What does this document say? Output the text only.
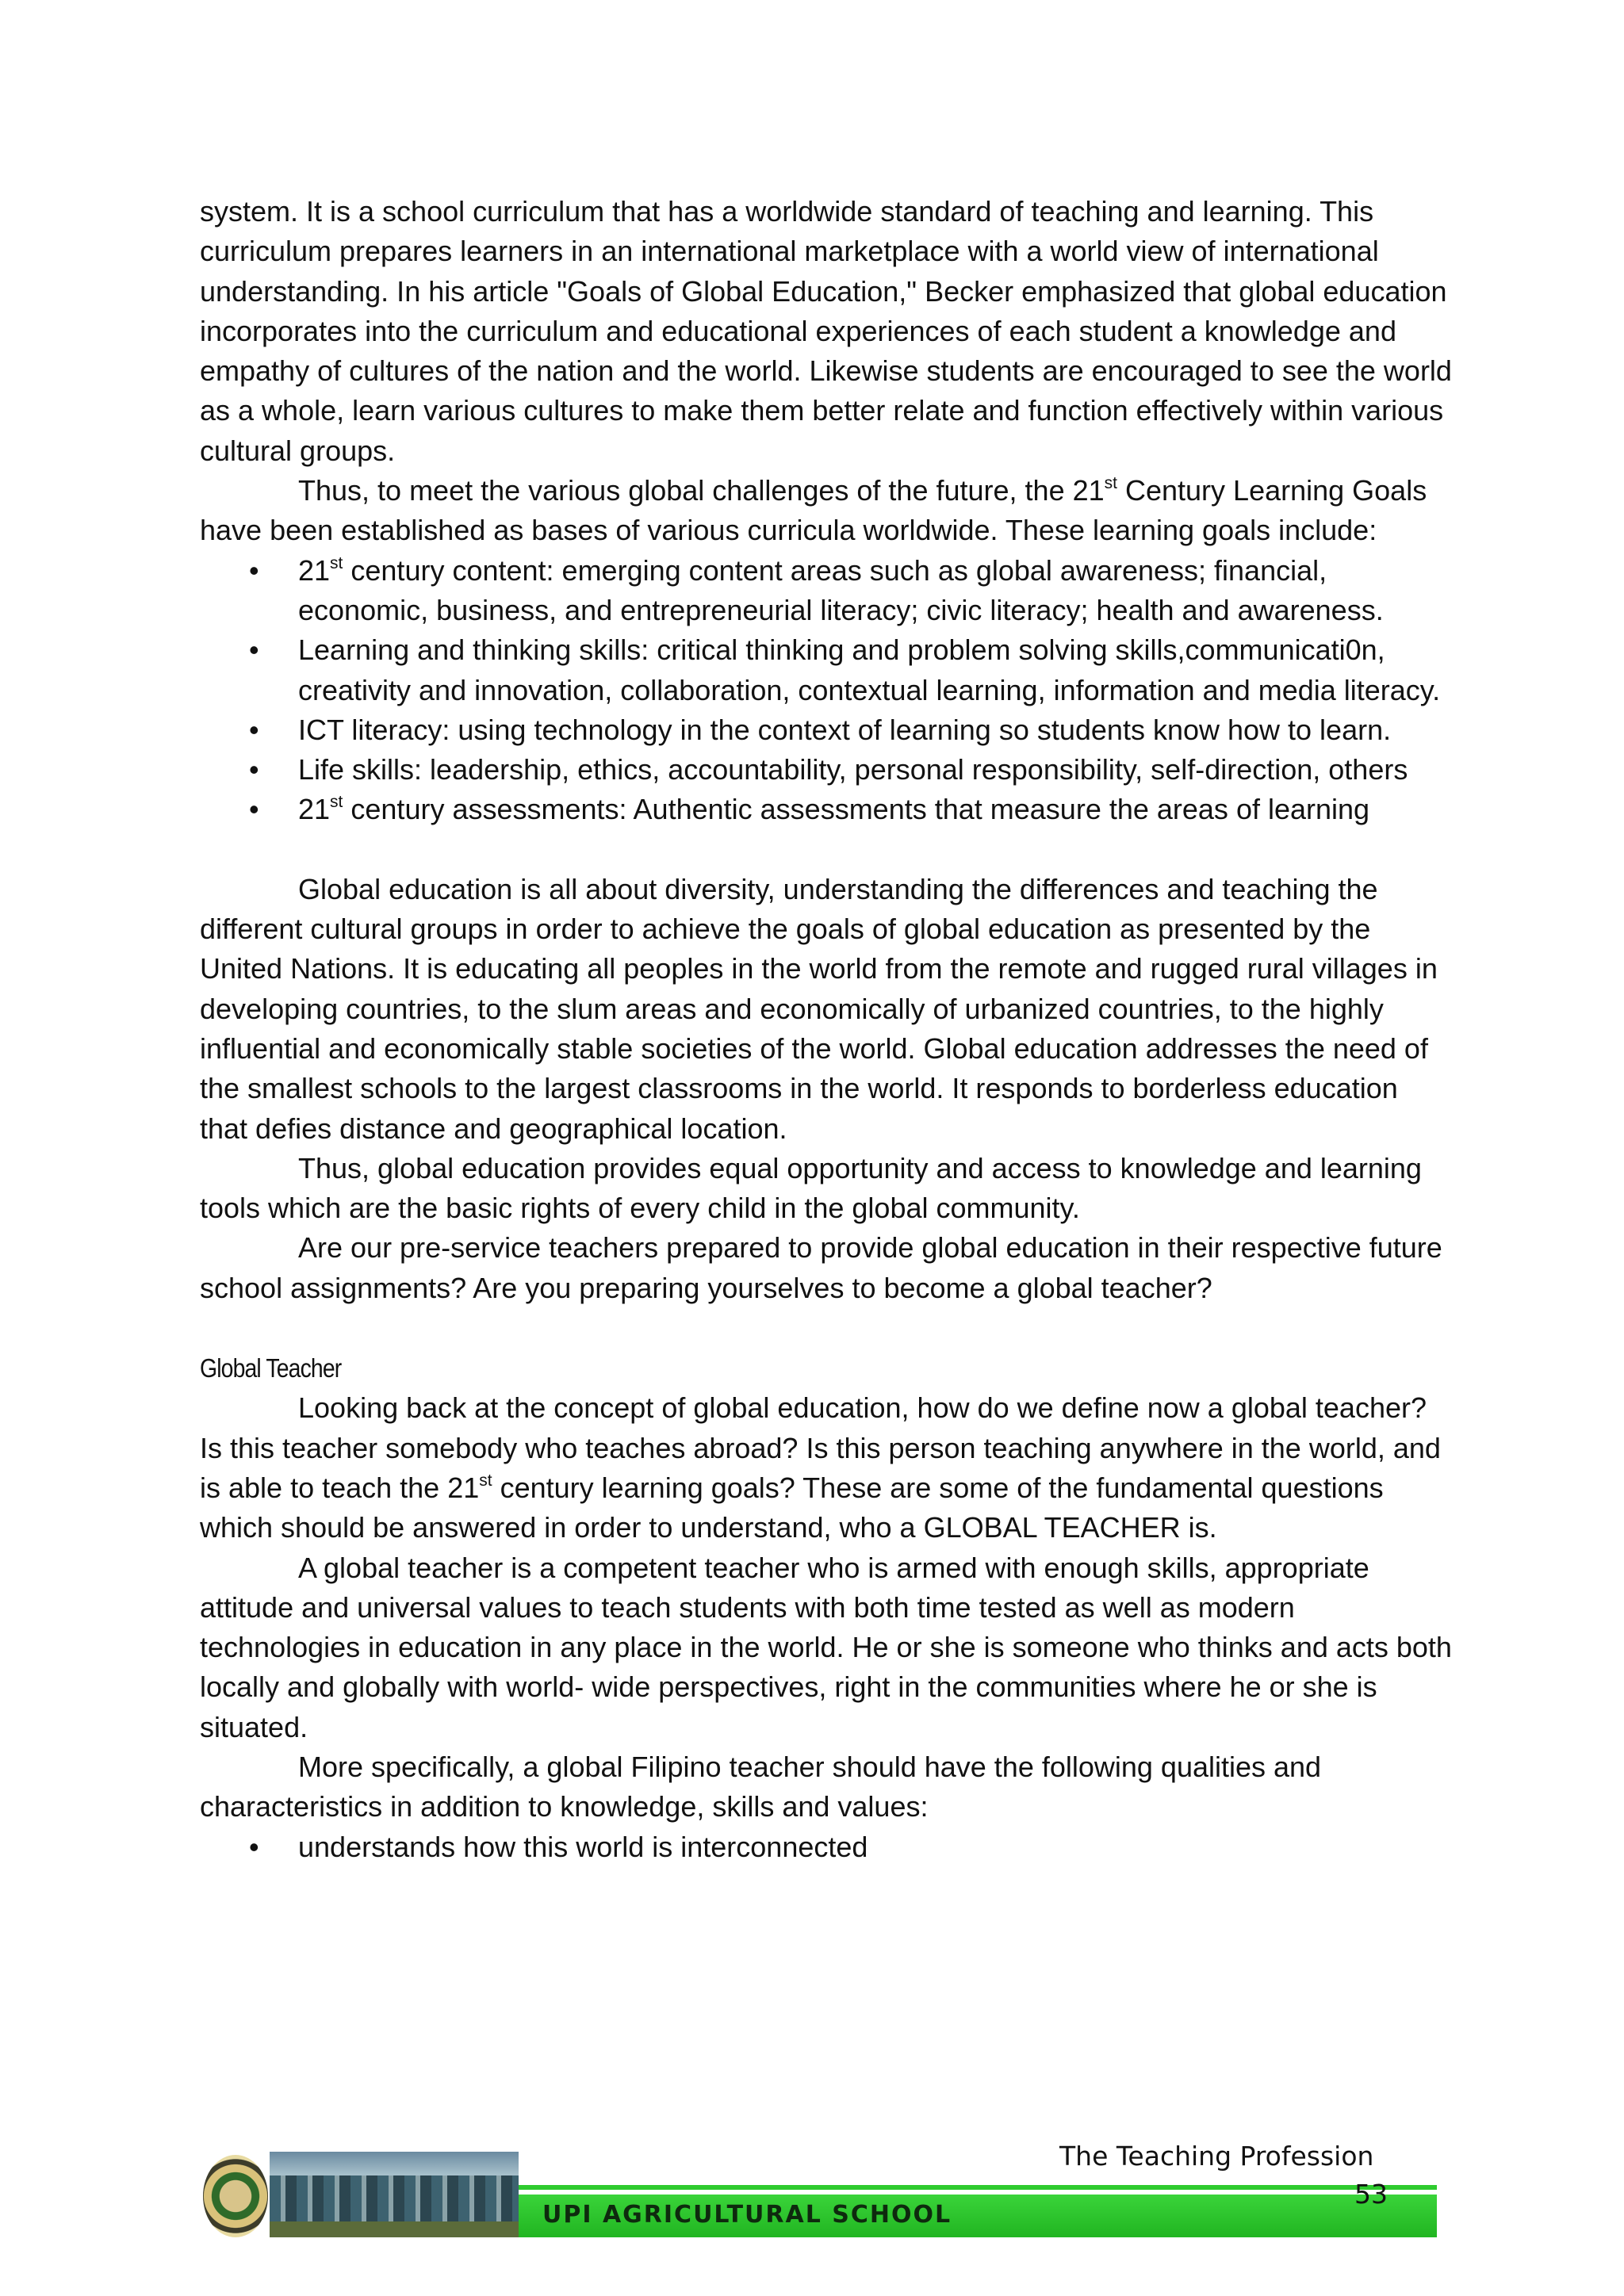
system. It is a school curriculum that has a worldwide standard of teaching and learning. This curriculum prepares learners in an international marketplace with a world view of international understanding. In his article "Goals of Global Education," Becker emphasized that global education incorporates into the curriculum and educational experiences of each student a knowledge and empathy of cultures of the nation and the world. Likewise students are encouraged to see the world as a whole, learn various cultures to make them better relate and function effectively within various cultural groups.

Thus, to meet the various global challenges of the future, the 21st Century Learning Goals have been established as bases of various curricula worldwide. These learning goals include:

•	21st century content: emerging content areas such as global awareness; financial, economic, business, and entrepreneurial literacy; civic literacy; health and awareness.
•	Learning and thinking skills: critical thinking and problem solving skills,communicati0n, creativity and innovation, collaboration, contextual learning, information and media literacy.
•	ICT literacy: using technology in the context of learning so students know how to learn.
•	Life skills: leadership, ethics, accountability, personal responsibility, self-direction, others
•	21st century assessments: Authentic assessments that measure the areas of learning

Global education is all about diversity, understanding the differences and teaching the different cultural groups in order to achieve the goals of global education as presented by the United Nations. It is educating all peoples in the world from the remote and rugged rural villages in developing countries, to the slum areas and economically of urbanized countries, to the highly influential and economically stable societies of the world. Global education addresses the need of the smallest schools to the largest classrooms in the world. It responds to borderless education that defies distance and geographical location.

Thus, global education provides equal opportunity and access to knowledge and learning tools which are the basic rights of every child in the global community.

Are our pre-service teachers prepared to provide global education in their respective future school assignments? Are you preparing yourselves to become a global teacher?

Global Teacher

Looking back at the concept of global education, how do we define now a global teacher? Is this teacher somebody who teaches abroad? Is this person teaching anywhere in the world, and is able to teach the 21st century learning goals? These are some of the fundamental questions which should be answered in order to understand, who a GLOBAL TEACHER is.

A global teacher is a competent teacher who is armed with enough skills, appropriate attitude and universal values to teach students with both time tested as well as modern technologies in education in any place in the world. He or she is someone who thinks and acts both locally and globally with world- wide perspectives, right in the communities where he or she is situated.

More specifically, a global Filipino teacher should have the following qualities and characteristics in addition to knowledge, skills and values:

•	understands how this world is interconnected
The Teaching Profession
UPI AGRICULTURAL SCHOOL
53
